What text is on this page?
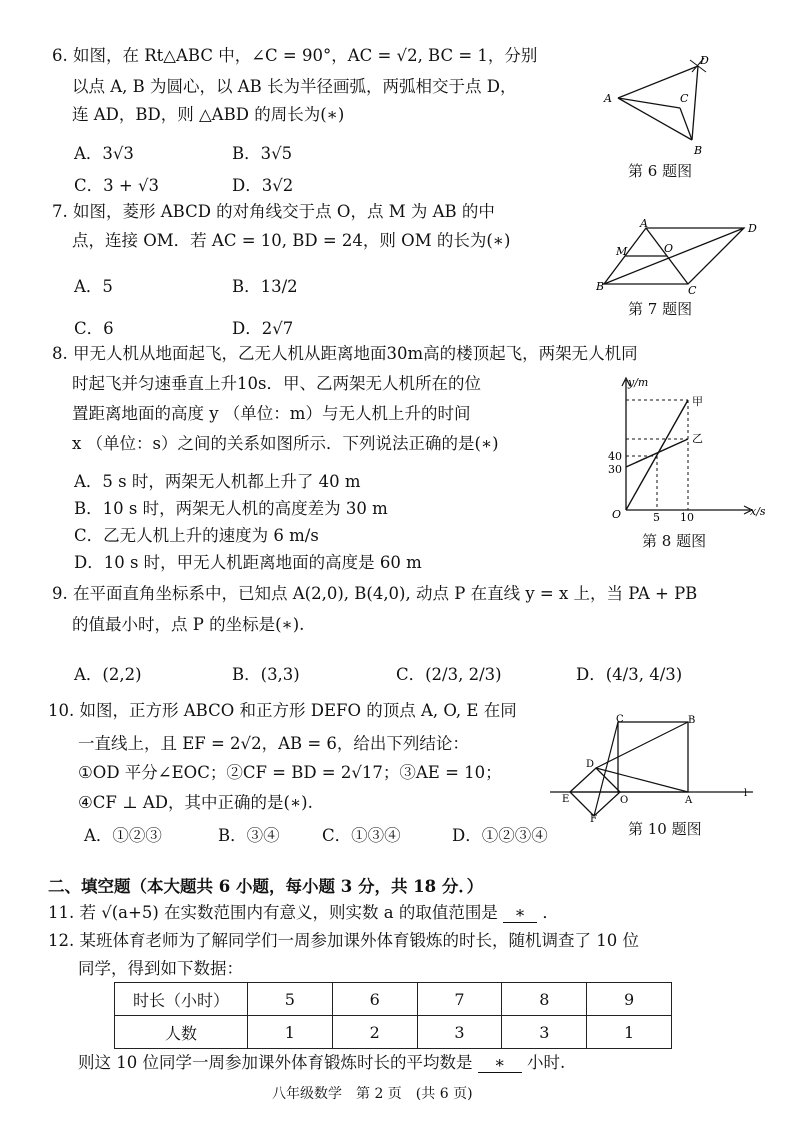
6. 如图，在 Rt△ABC 中，∠C = 90°，AC = √2, BC = 1，分别
以点 A, B 为圆心，以 AB 长为半径画弧，两弧相交于点 D，
连 AD，BD，则 △ABD 的周长为(∗)
A．3√3	B．3√5
C．3 + √3	D．3√2
A
B
C
D
第 6 题图
7. 如图，菱形 ABCD 的对角线交于点 O，点 M 为 AB 的中
点，连接 OM．若 AC = 10, BD = 24，则 OM 的长为(∗)
A．5	B．13/2
C．6	D．2√7
A
B	C
D
M	O
第 7 题图
8. 甲无人机从地面起飞，乙无人机从距离地面30m高的楼顶起飞，两架无人机同
时起飞并匀速垂直上升10s．甲、乙两架无人机所在的位
置距离地面的高度 y （单位：m）与无人机上升的时间
x （单位：s）之间的关系如图所示．下列说法正确的是(∗)
A．5 s 时，两架无人机都上升了 40 m
B．10 s 时，两架无人机的高度差为 30 m
C．乙无人机上升的速度为 6 m/s
D．10 s 时，甲无人机距离地面的高度是 60 m
y/m
x/s
O	5 10
40
30
甲
乙
第 8 题图
9. 在平面直角坐标系中，已知点 A(2,0), B(4,0), 动点 P 在直线 y = x 上，当 PA + PB
的值最小时，点 P 的坐标是(∗).
A．(2,2)	B．(3,3)	C．(2/3, 2/3)	D．(4/3, 4/3)
10. 如图，正方形 ABCO 和正方形 DEFO 的顶点 A, O, E 在同
一直线上，且 EF = 2√2，AB = 6，给出下列结论：
①OD 平分∠EOC；②CF = BD = 2√17；③AE = 10；
④CF ⊥ AD，其中正确的是(∗).
A．①②③	B．③④	C．①③④	D．①②③④
C	B
D
E	O	A
F
l
第 10 题图
二、填空题（本大题共 6 小题，每小题 3 分，共 18 分．）
11. 若 √(a+5) 在实数范围内有意义，则实数 a 的取值范围是 ∗ ．
12. 某班体育老师为了解同学们一周参加课外体育锻炼的时长，随机调查了 10 位
同学，得到如下数据：
时长（小时）	5	6	7	8	9
人数	1	2	3	3	1
则这 10 位同学一周参加课外体育锻炼时长的平均数是 ∗ 小时.
八年级数学　第 2 页　(共 6 页)
